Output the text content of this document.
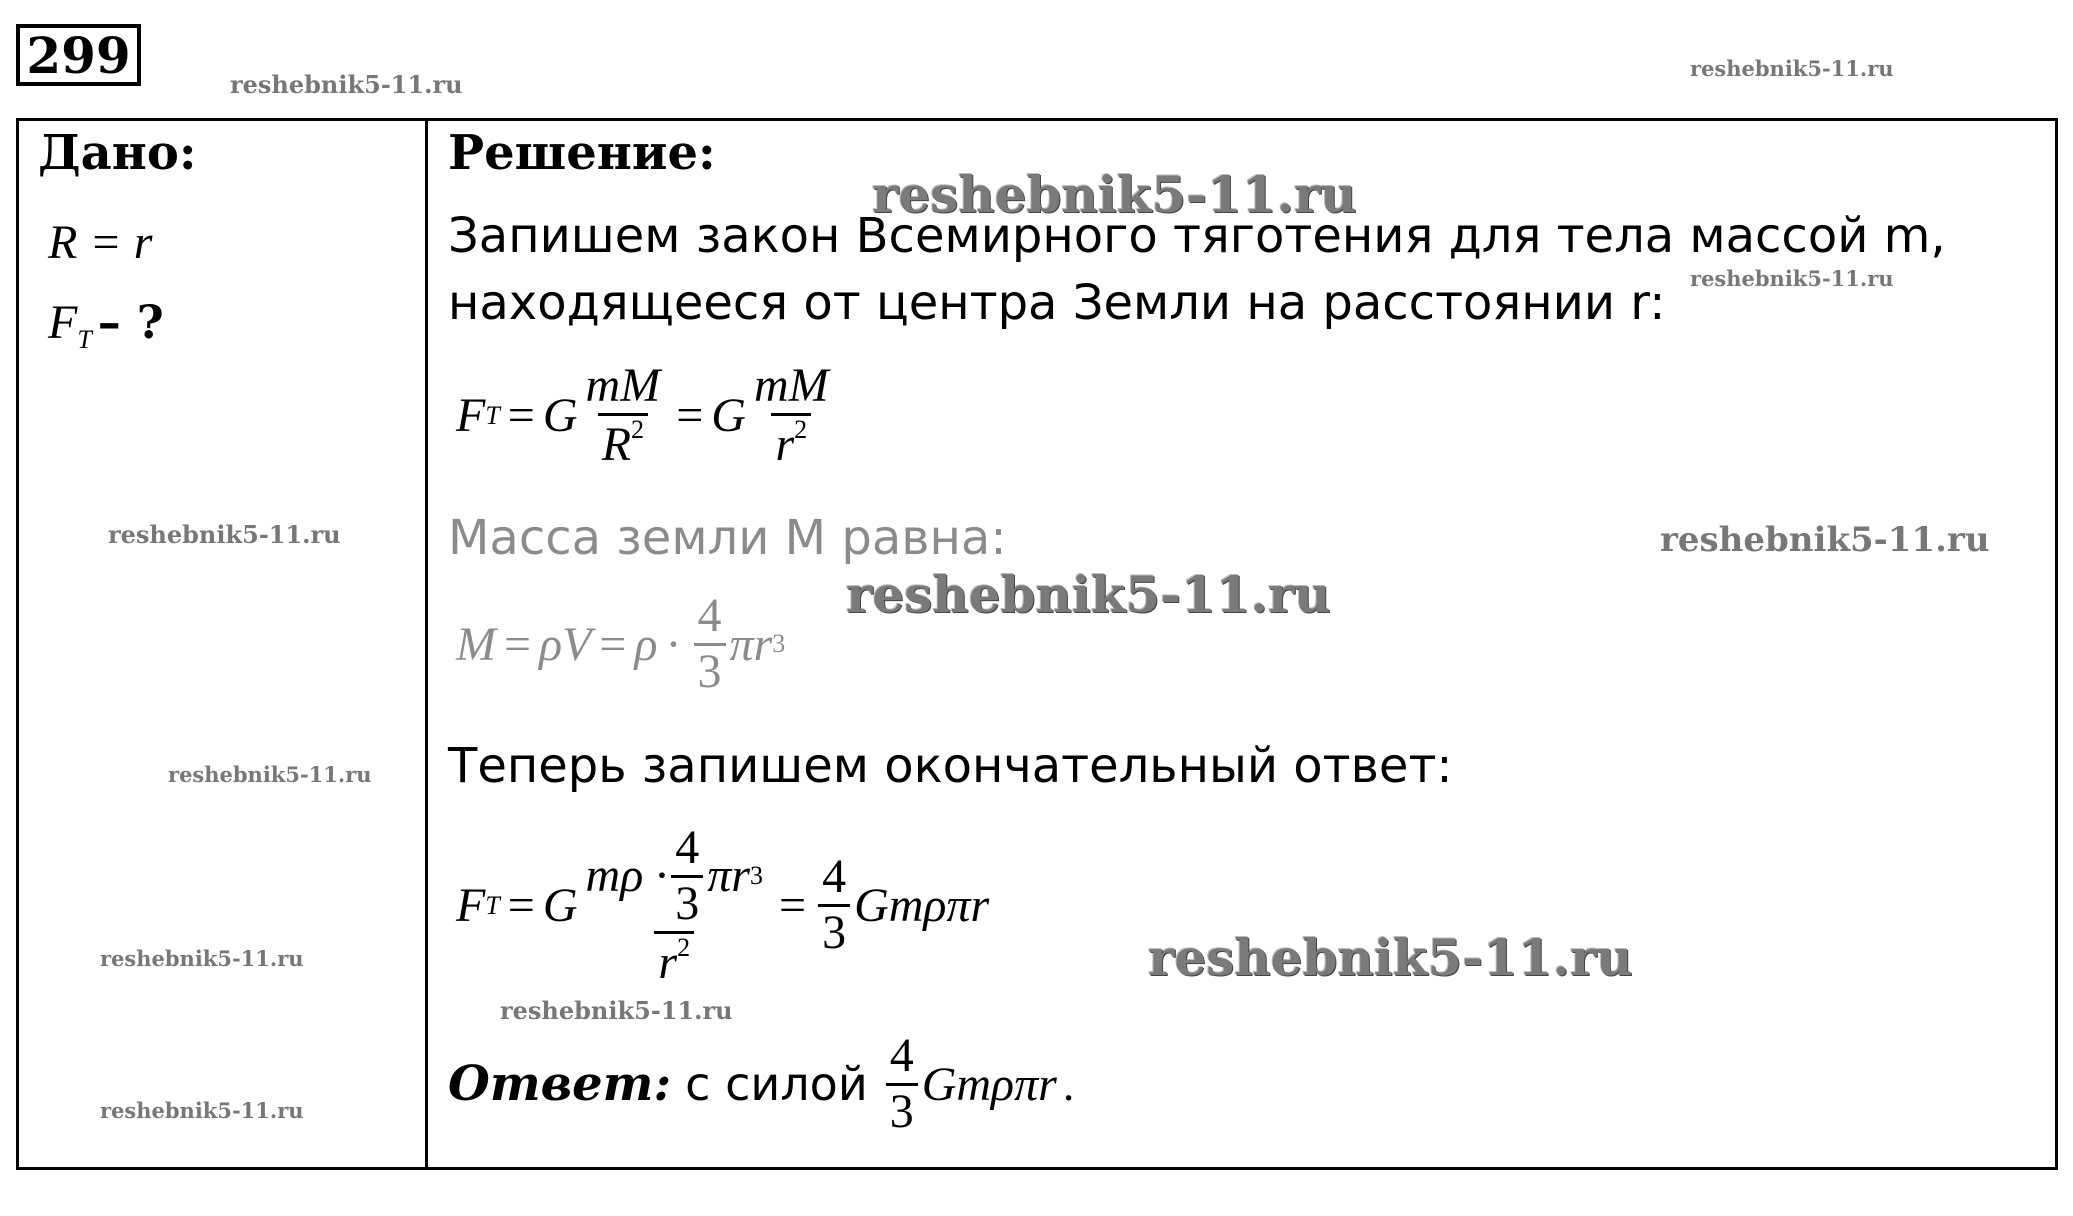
299	reshebnik5-11.ru
reshebnik5-11.ru
reshebnik5-11.ru
reshebnik5-11.ru
reshebnik5-11.ru	reshebnik5-11.ru
reshebnik5-11.ru
reshebnik5-11.ru
reshebnik5-11.ru
reshebnik5-11.ru
reshebnik5-11.ru
reshebnik5-11.ru
Дано:
R = r
$F_T$ – ?
Решение:
Запишем закон Всемирного тяготения для тела массой m,
находящееся от центра Земли на расстоянии r:
F T = G $\frac{mM}{R^2} = G \frac{mM}{r^2}$
Масса земли M равна:
$M = \rho V = \rho \cdot \frac{4}{3}$ πr 3
Теперь запишем окончательный ответ:
F T = G $\frac{m\rho \cdot \frac{4}{3} \pi r 3}{r^2} = \frac{4}{3}$ Gmρπr
Ответ: с силой $\frac{4}{3}$ Gmρπr .
